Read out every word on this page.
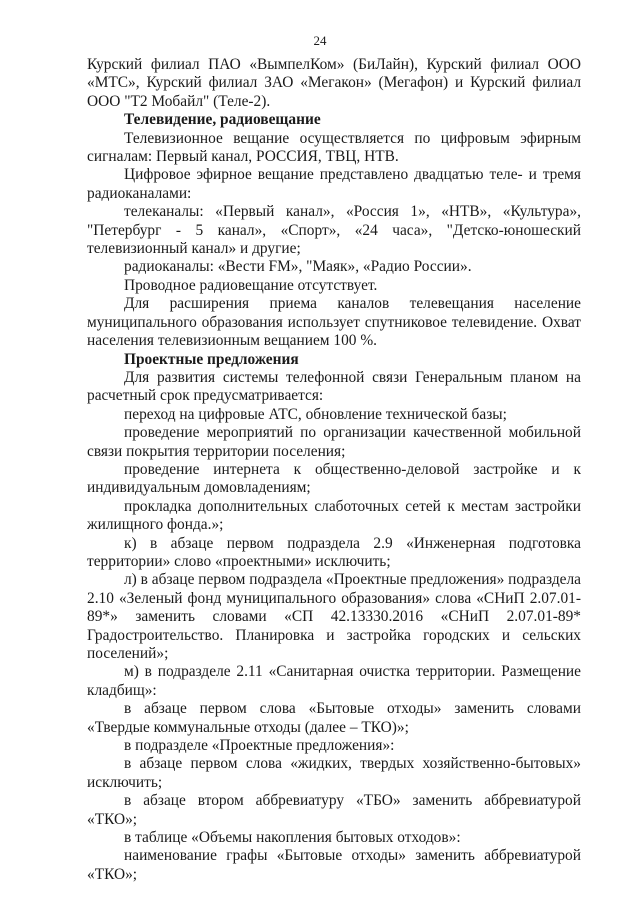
24

Курский филиал ПАО «ВымпелКом» (БиЛайн), Курский филиал ООО «МТС», Курский филиал ЗАО «Мегакон» (Мегафон) и Курский филиал ООО "Т2 Мобайл" (Теле-2).

Телевидение, радиовещание

Телевизионное вещание осуществляется по цифровым эфирным сигналам: Первый канал, РОССИЯ, ТВЦ, НТВ.

Цифровое эфирное вещание представлено двадцатью теле- и тремя радиоканалами:

телеканалы: «Первый канал», «Россия 1», «НТВ», «Культура», "Петербург - 5 канал», «Спорт», «24 часа», "Детско-юношеский телевизионный канал» и другие;

радиоканалы: «Вести FM», "Маяк», «Радио России».

Проводное радиовещание отсутствует.

Для расширения приема каналов телевещания население муниципального образования использует спутниковое телевидение. Охват населения телевизионным вещанием 100 %.

Проектные предложения

Для развития системы телефонной связи Генеральным планом на расчетный срок предусматривается:

переход на цифровые АТС, обновление технической базы;

проведение мероприятий по организации качественной мобильной связи покрытия территории поселения;

проведение интернета к общественно-деловой застройке и к индивидуальным домовладениям;

прокладка дополнительных слаботочных сетей к местам застройки жилищного фонда.»;

к) в абзаце первом подраздела 2.9 «Инженерная подготовка территории» слово «проектными» исключить;

л) в абзаце первом подраздела «Проектные предложения» подраздела 2.10 «Зеленый фонд муниципального образования» слова «СНиП 2.07.01-89*» заменить словами «СП 42.13330.2016 «СНиП 2.07.01-89* Градостроительство. Планировка и застройка городских и сельских поселений»;

м) в подразделе 2.11 «Санитарная очистка территории. Размещение кладбищ»:

в абзаце первом слова «Бытовые отходы» заменить словами «Твердые коммунальные отходы (далее – ТКО)»;

в подразделе «Проектные предложения»:

в абзаце первом слова «жидких, твердых хозяйственно-бытовых» исключить;

в абзаце втором аббревиатуру «ТБО» заменить аббревиатурой «ТКО»;

в таблице «Объемы накопления бытовых отходов»:

наименование графы «Бытовые отходы» заменить аббревиатурой «ТКО»;
